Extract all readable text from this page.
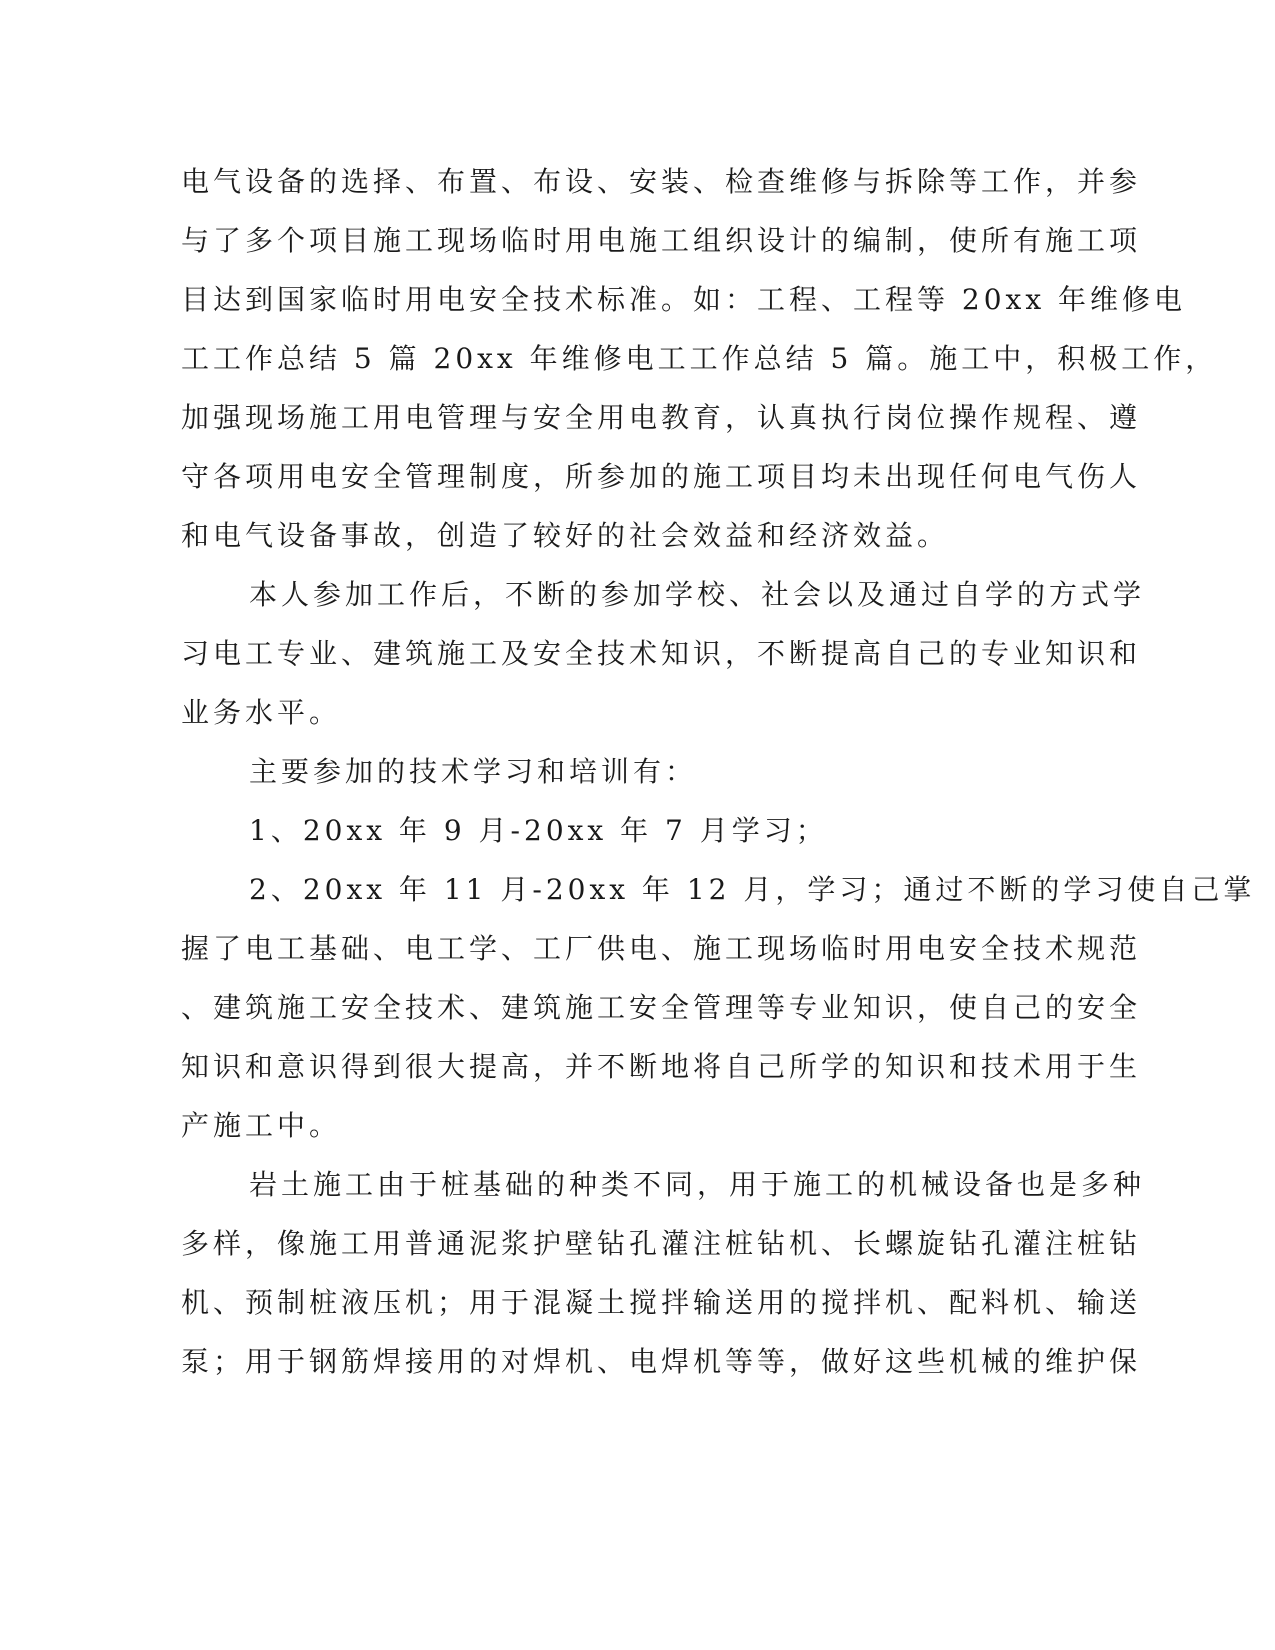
电气设备的选择、布置、布设、安装、检查维修与拆除等工作，并参
与了多个项目施工现场临时用电施工组织设计的编制，使所有施工项
目达到国家临时用电安全技术标准。如：工程、工程等 20xx 年维修电
工工作总结 5 篇 20xx 年维修电工工作总结 5 篇。施工中，积极工作，
加强现场施工用电管理与安全用电教育，认真执行岗位操作规程、遵
守各项用电安全管理制度，所参加的施工项目均未出现任何电气伤人
和电气设备事故，创造了较好的社会效益和经济效益。
本人参加工作后，不断的参加学校、社会以及通过自学的方式学
习电工专业、建筑施工及安全技术知识，不断提高自己的专业知识和
业务水平。
主要参加的技术学习和培训有：
1、20xx 年 9 月-20xx 年 7 月学习；
2、20xx 年 11 月-20xx 年 12 月，学习；通过不断的学习使自己掌
握了电工基础、电工学、工厂供电、施工现场临时用电安全技术规范
、建筑施工安全技术、建筑施工安全管理等专业知识，使自己的安全
知识和意识得到很大提高，并不断地将自己所学的知识和技术用于生
产施工中。
岩土施工由于桩基础的种类不同，用于施工的机械设备也是多种
多样，像施工用普通泥浆护壁钻孔灌注桩钻机、长螺旋钻孔灌注桩钻
机、预制桩液压机；用于混凝土搅拌输送用的搅拌机、配料机、输送
泵；用于钢筋焊接用的对焊机、电焊机等等，做好这些机械的维护保
